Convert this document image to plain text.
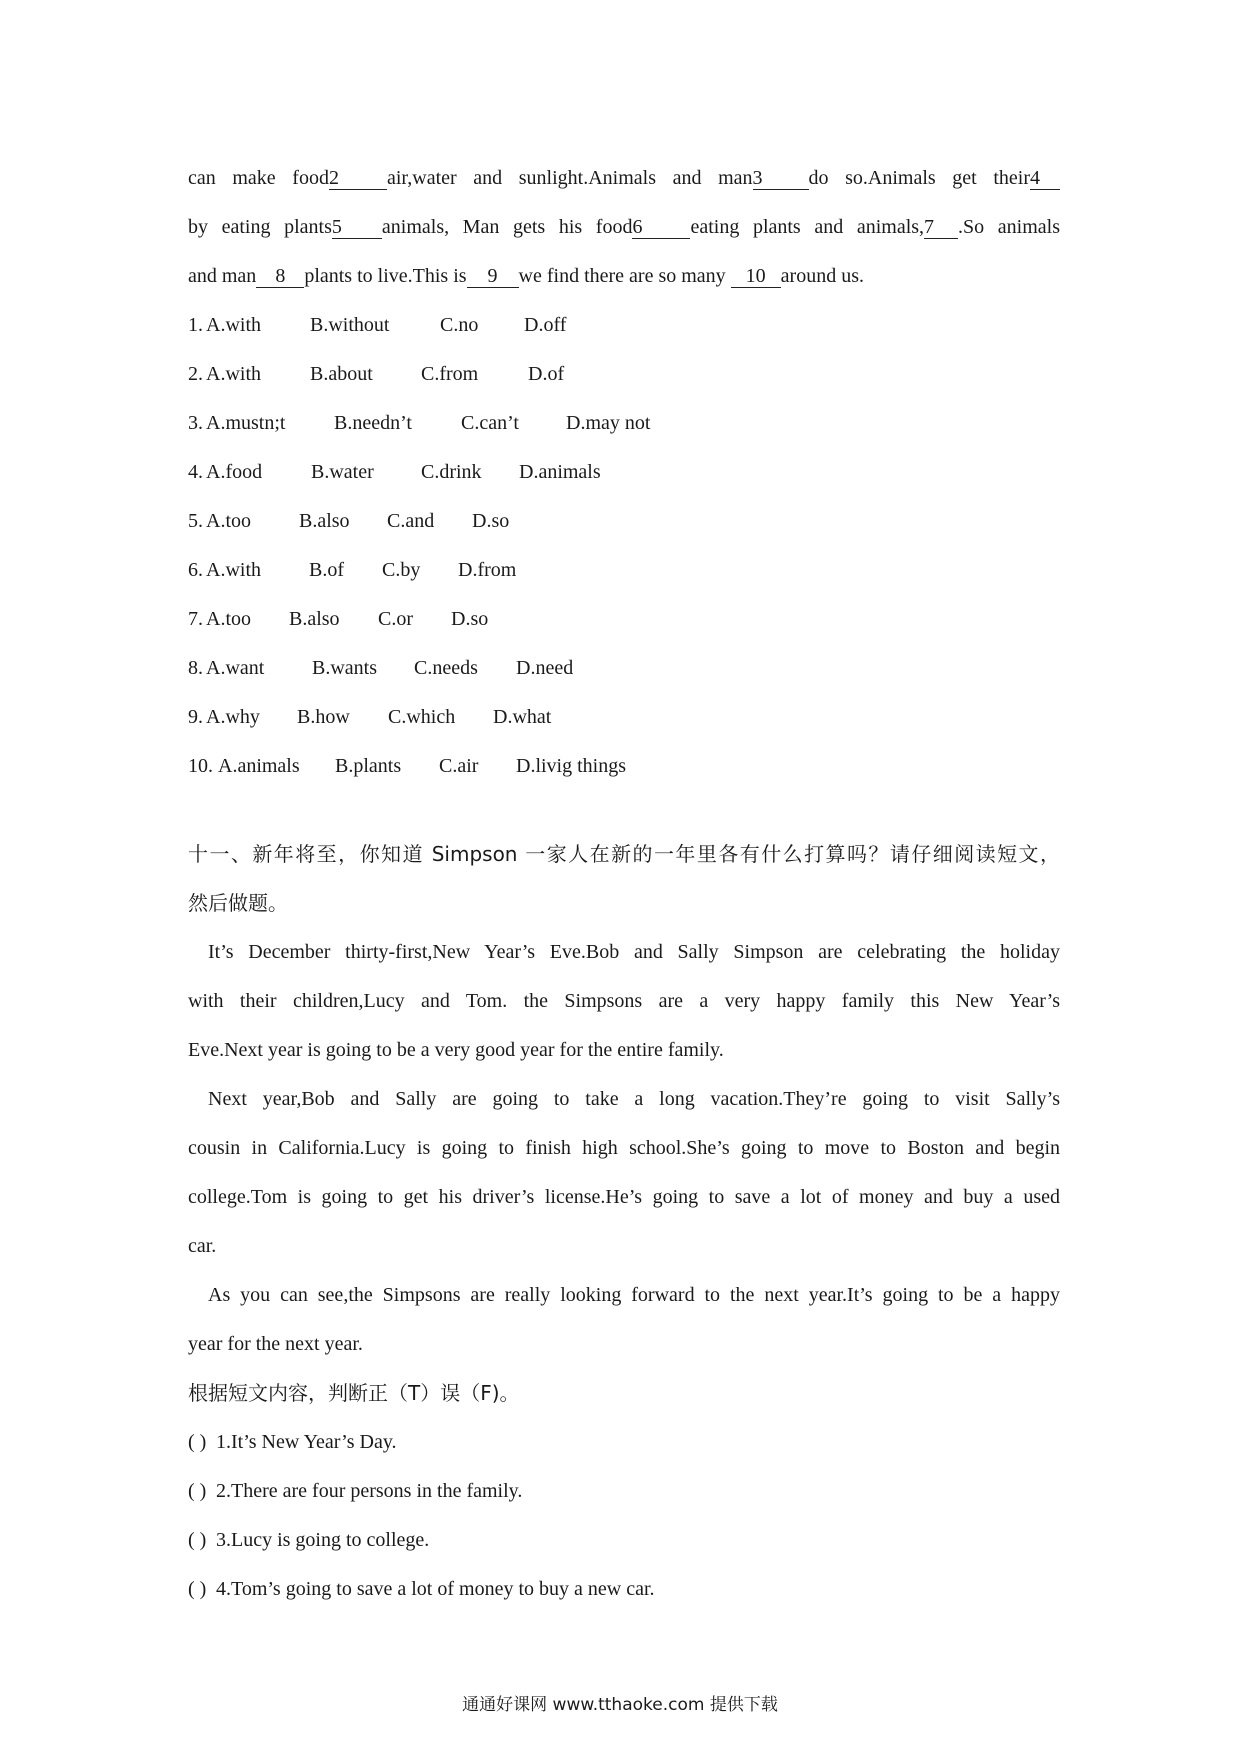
can make food2 air,water and sunlight.Animals and man3 do so.Animals get their4
by eating plants5 animals, Man gets his food6 eating plants and animals,7 .So animals
and man 8 plants to live.This is 9 we find there are so many 10 around us.
1. A.with B.without	C.no D.off
2. A.with B.about C.from D.of
3. A.mustn;t B.needn’t C.can’t D.may not
4. A.food B.water C.drink D.animals
5. A.too B.also C.and D.so
6. A.with B.of C.by D.from
7. A.too B.also C.or D.so
8. A.want B.wants C.needs D.need
9. A.why B.how C.which D.what
10. A.animals B.plants C.air D.livig things
十一、新年将至，你知道 Simpson 一家人在新的一年里各有什么打算吗？请仔细阅读短文，
然后做题。
It’s December thirty-first,New Year’s Eve.Bob and Sally Simpson are celebrating the holiday
with their children,Lucy and Tom. the Simpsons are a very happy family this New Year’s
Eve.Next year is going to be a very good year for the entire family.
Next year,Bob and Sally are going to take a long vacation.They’re going to visit Sally’s
cousin in California.Lucy is going to finish high school.She’s going to move to Boston and begin
college.Tom is going to get his driver’s license.He’s going to save a lot of money and buy a used
car.
As you can see,the Simpsons are really looking forward to the next year.It’s going to be a happy
year for the next year.
根据短文内容，判断正（T）误（F)。
( ) 1.It’s New Year’s Day.
( ) 2.There are four persons in the family.
( ) 3.Lucy is going to college.
( ) 4.Tom’s going to save a lot of money to buy a new car.
通通好课网 www.tthaoke.com 提供下载
